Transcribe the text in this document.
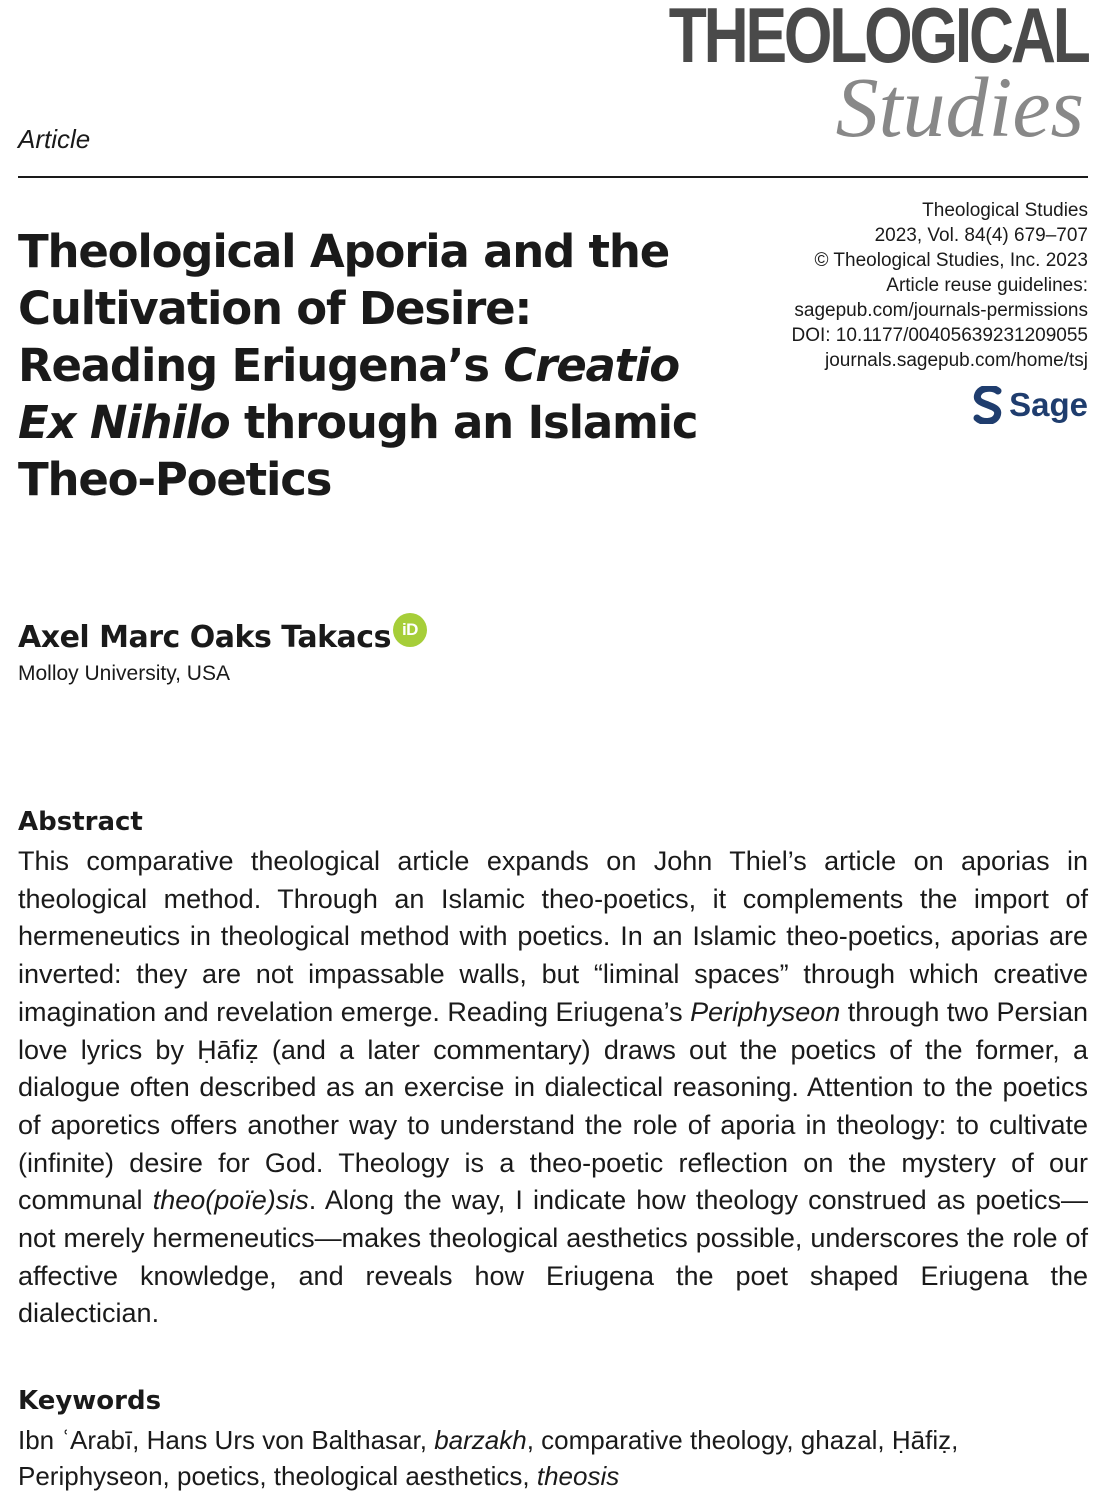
THEOLOGICAL
Studies
Article
Theological Aporia and the
Cultivation of Desire:
Reading Eriugena’s Creatio
Ex Nihilo through an Islamic
Theo-Poetics
Theological Studies
2023, Vol. 84(4) 679–707
© Theological Studies, Inc. 2023
Article reuse guidelines:
sagepub.com/journals-permissions
DOI: 10.1177/00405639231209055
journals.sagepub.com/home/tsj
Sage
Axel Marc Oaks Takacs iD
Molloy University, USA
Abstract

This comparative theological article expands on John Thiel’s article on aporias in theological method. Through an Islamic theo-poetics, it complements the import of hermeneutics in theological method with poetics. In an Islamic theo-poetics, aporias are inverted: they are not impassable walls, but “liminal spaces” through which creative imagination and revelation emerge. Reading Eriugena’s Periphyseon through two Persian love lyrics by Ḥāfiẓ (and a later commentary) draws out the poetics of the former, a dialogue often described as an exercise in dialectical reasoning. Attention to the poetics of aporetics offers another way to understand the role of aporia in theology: to cultivate (infinite) desire for God. Theology is a theo-poetic reflection on the mystery of our communal theo(poïe)sis. Along the way, I indicate how theology construed as poetics—not merely hermeneutics—makes theological aesthetics possible, underscores the role of affective knowledge, and reveals how Eriugena the poet shaped Eriugena the dialectician.

Keywords

Ibn ʿArabī, Hans Urs von Balthasar, barzakh, comparative theology, ghazal, Ḥāfiẓ, Periphyseon, poetics, theological aesthetics, theosis
